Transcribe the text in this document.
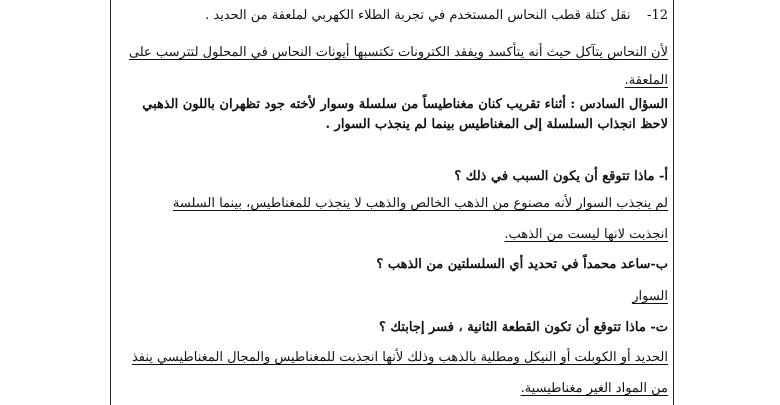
12-    نقل كتلة قطب النحاس المستخدم في تجربة الطلاء الكهربي لملعقة من الحديد .
لأن النحاس يتآكل حيث أنه يتأكسد ويفقد الكترونات تكتسبها أيونات النحاس في المحلول لتترسب على
الملعقة.
السؤال السادس : أثناء تقريب كنان مغناطيساً من سلسلة وسوار لأخته جود تظهران باللون الذهبي
لاحظ انجذاب السلسلة إلى المغناطيس بينما لم ينجذب السوار .
أ- ماذا تتوقع أن يكون السبب في ذلك ؟
لم ينجذب السوار لأنه مصنوع من الذهب الخالص والذهب لا ينجذب للمغناطيس، بينما السلسة
انجذبت لانها ليست من الذهب.
ب-ساعد محمداً في تحديد أي السلسلتين من الذهب ؟
السوار
ت- ماذا تتوقع أن تكون القطعة الثانية ، فسر إجابتك ؟
الحديد أو الكوبلت أو النيكل ومطلية بالذهب وذلك لأنها انجذبت للمغناطيس والمجال المغناطيسي ينفذ
من المواد الغير مغناطيسية.
